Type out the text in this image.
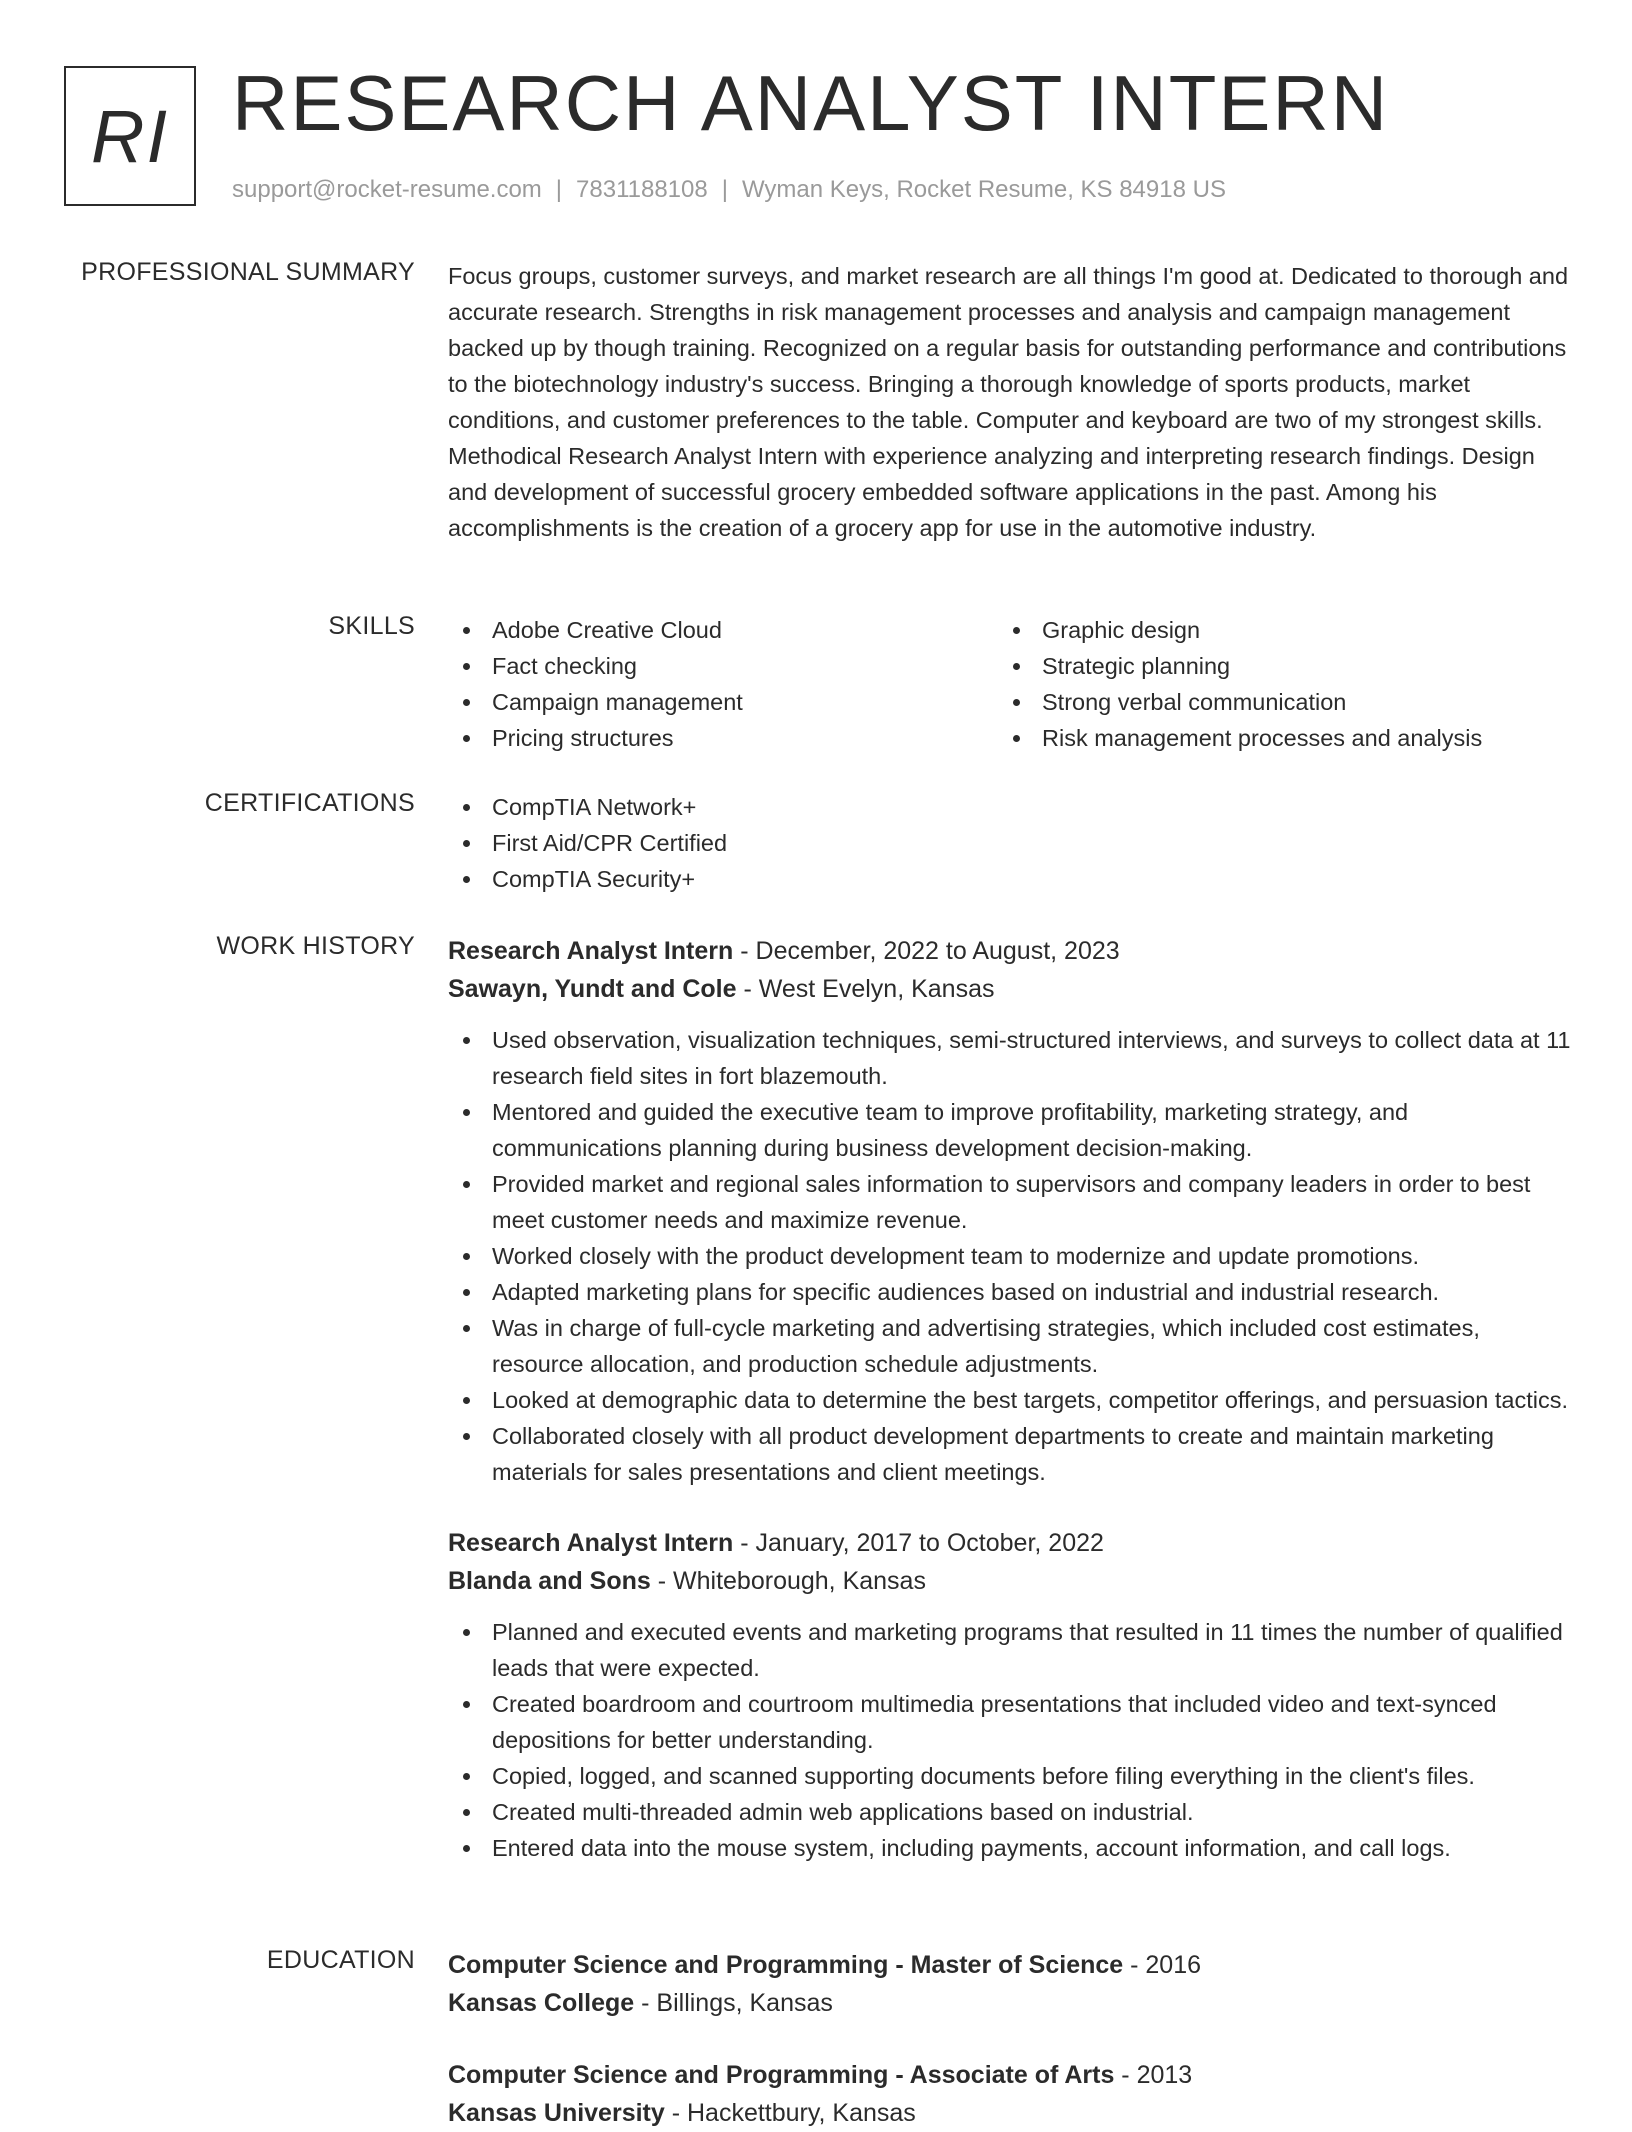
RI RESEARCH ANALYST INTERN
support@rocket-resume.com | 7831188108 | Wyman Keys, Rocket Resume, KS 84918 US
PROFESSIONAL SUMMARY Focus groups, customer surveys, and market research are all things I'm good at. Dedicated to thorough and accurate research. Strengths in risk management processes and analysis and campaign management backed up by though training. Recognized on a regular basis for outstanding performance and contributions to the biotechnology industry's success. Bringing a thorough knowledge of sports products, market conditions, and customer preferences to the table. Computer and keyboard are two of my strongest skills. Methodical Research Analyst Intern with experience analyzing and interpreting research findings. Design and development of successful grocery embedded software applications in the past. Among his accomplishments is the creation of a grocery app for use in the automotive industry.

SKILLS	Adobe Creative Cloud
Fact checking
Campaign management
Pricing structures
Graphic design
Strategic planning
Strong verbal communication
Risk management processes and analysis
CERTIFICATIONS	CompTIA Network+
First Aid/CPR Certified
CompTIA Security+
WORK HISTORY Research Analyst Intern - December, 2022 to August, 2023
Sawayn, Yundt and Cole - West Evelyn, Kansas
Used observation, visualization techniques, semi-structured interviews, and surveys to collect data at 11 research field sites in fort blazemouth.
Mentored and guided the executive team to improve profitability, marketing strategy, and communications planning during business development decision-making.
Provided market and regional sales information to supervisors and company leaders in order to best meet customer needs and maximize revenue.
Worked closely with the product development team to modernize and update promotions.
Adapted marketing plans for specific audiences based on industrial and industrial research.
Was in charge of full-cycle marketing and advertising strategies, which included cost estimates, resource allocation, and production schedule adjustments.
Looked at demographic data to determine the best targets, competitor offerings, and persuasion tactics.
Collaborated closely with all product development departments to create and maintain marketing materials for sales presentations and client meetings.
Research Analyst Intern - January, 2017 to October, 2022
Blanda and Sons - Whiteborough, Kansas
Planned and executed events and marketing programs that resulted in 11 times the number of qualified leads that were expected.
Created boardroom and courtroom multimedia presentations that included video and text-synced depositions for better understanding.
Copied, logged, and scanned supporting documents before filing everything in the client's files.
Created multi-threaded admin web applications based on industrial.
Entered data into the mouse system, including payments, account information, and call logs.
EDUCATION Computer Science and Programming - Master of Science - 2016
Kansas College - Billings, Kansas
Computer Science and Programming - Associate of Arts - 2013
Kansas University - Hackettbury, Kansas
